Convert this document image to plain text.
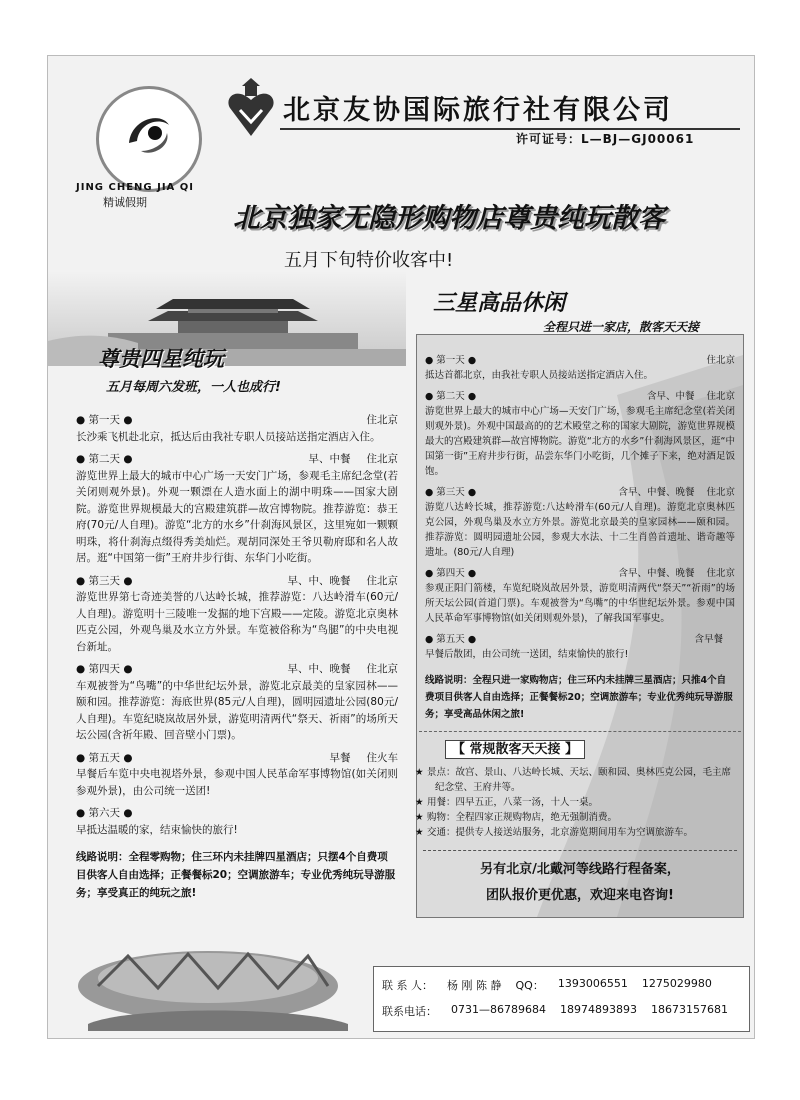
JING CHENG JIA QI
精诚假期
北京友协国际旅行社有限公司
许可证号：L—BJ—GJ00061
北京独家无隐形购物店尊贵纯玩散客
五月下旬特价收客中!
尊贵四星纯玩
五月每周六发班，一人也成行!
● 第一天 ●	住北京
长沙乘飞机赴北京，抵达后由我社专职人员接站送指定酒店入住。
● 第二天 ●	早、中餐 住北京
游览世界上最大的城市中心广场一天安门广场，参观毛主席纪念堂(若关闭则观外景)。外观一颗漂在人造水面上的湖中明珠——国家大剧院。游览世界规模最大的宫殿建筑群—故宫博物院。推荐游览：恭王府(70元/人自理)。游览“北方的水乡”什刹海风景区，这里宛如一颗颗明珠，将什刹海点缀得秀美灿烂。观胡同深处王爷贝勒府邸和名人故居。逛“中国第一街”王府井步行街、东华门小吃街。
● 第三天 ●	早、中、晚餐 住北京
游览世界第七奇迹美誉的八达岭长城，推荐游览：八达岭滑车(60元/人自理)。游览明十三陵唯一发掘的地下宫殿——定陵。游览北京奥林匹克公园，外观鸟巢及水立方外景。车览被俗称为“鸟腿”的中央电视台新址。
● 第四天 ●	早、中、晚餐 住北京
车观被誉为“鸟嘴”的中华世纪坛外景，游览北京最美的皇家园林——颐和园。推荐游览：海底世界(85元/人自理)，圆明园遗址公园(80元/人自理)。车览纪晓岚故居外景，游览明清两代“祭天、祈雨”的场所天坛公园(含祈年殿、回音壁小门票)。
● 第五天 ●	早餐 住火车
早餐后车览中央电视塔外景，参观中国人民革命军事博物馆(如关闭则参观外景)，由公司统一送团!
● 第六天 ●
早抵达温暖的家，结束愉快的旅行!
线路说明：全程零购物；住三环内未挂牌四星酒店；只摆4个自费项目供客人自由选择；正餐餐标20；空调旅游车；专业优秀纯玩导游服务；享受真正的纯玩之旅!
三星高品休闲
全程只进一家店，散客天天接
● 第一天 ●	住北京
抵达首都北京，由我社专职人员接站送指定酒店入住。
● 第二天 ●	含早、中餐 住北京
游览世界上最大的城市中心广场—天安门广场，参观毛主席纪念堂(若关闭则观外景)。外观中国最高的的艺术殿堂之称的国家大剧院，游览世界规模最大的宫殿建筑群—故宫博物院。游览“北方的水乡”什刹海风景区，逛“中国第一街”王府井步行街，品尝东华门小吃街，几个摊子下来，绝对酒足饭饱。
● 第三天 ●	含早、中餐、晚餐 住北京
游览八达岭长城，推荐游览:八达岭滑车(60元/人自理)。游览北京奥林匹克公园，外观鸟巢及水立方外景。游览北京最美的皇家园林——颐和园。推荐游览：圆明园遗址公园，参观大水法、十二生肖兽首遗址、谐奇趣等遗址。(80元/人自理)
● 第四天 ●	含早、中餐、晚餐 住北京
参观正阳门箭楼，车览纪晓岚故居外景，游览明清两代“祭天”“祈雨”的场所天坛公园(首道门票)。车观被誉为“鸟嘴”的中华世纪坛外景。参观中国人民革命军事博物馆(如关闭则观外景)，了解我国军事史。
● 第五天 ●	含早餐
早餐后散团，由公司统一送团，结束愉快的旅行!
线路说明：全程只进一家购物店；住三环内未挂牌三星酒店；只推4个自费项目供客人自由选择；正餐餐标20；空调旅游车；专业优秀纯玩导游服务；享受高品休闲之旅!
【 常规散客天天接 】
★ 景点：故宫、景山、八达岭长城、天坛、颐和园、奥林匹克公园，毛主席纪念堂、王府井等。
★ 用餐：四早五正，八菜一汤，十人一桌。
★ 购物：全程四家正规购物店，绝无强制消费。
★ 交通：提供专人接送站服务，北京游览期间用车为空调旅游车。
另有北京/北戴河等线路行程备案，
团队报价更优惠，欢迎来电咨询!
联 系 人： 杨 刚 陈 静 QQ： 1393006551 1275029980
联系电话： 0731—86789684 18974893893 18673157681
